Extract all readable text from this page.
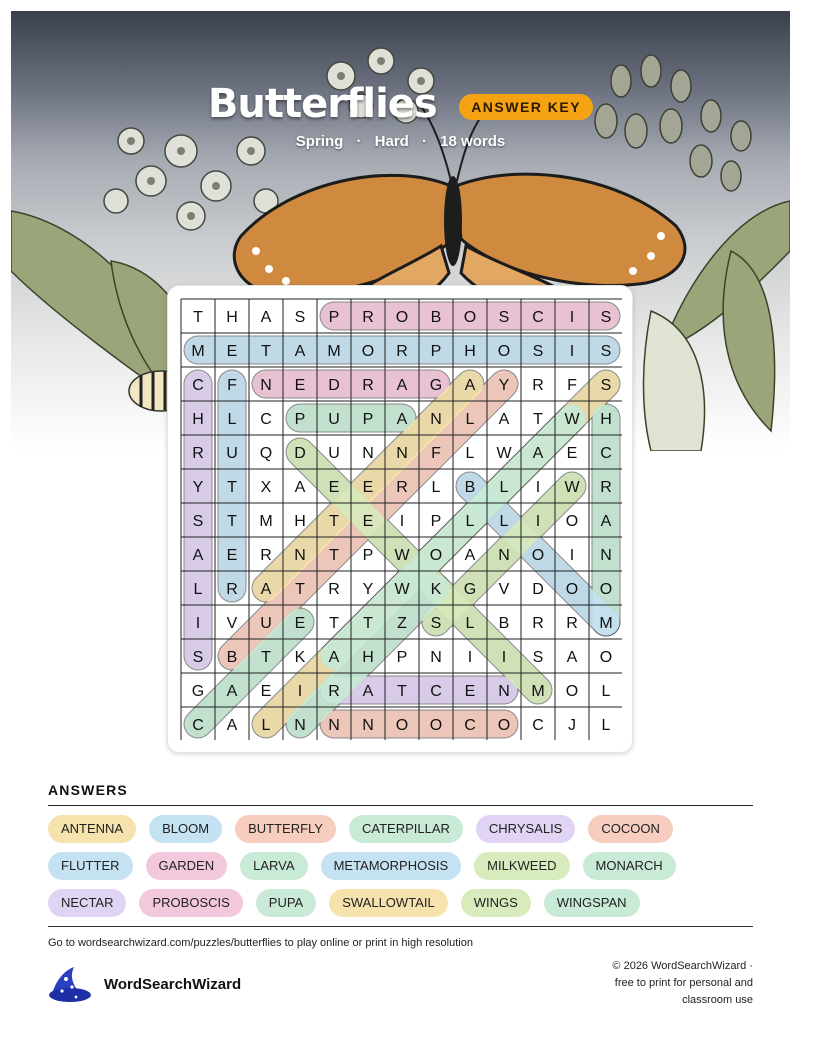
Butterflies ANSWER KEY
Spring · Hard · 18 words
T H A S P R O B O S C I S
M E T A M O R P H O S I S
C F N E D R A G A Y R F S
H L C P U P A N L A T W H
R U Q D U N N F L W A E C
Y T X A E E R L B L I W R
S T M H T E I P L L I O A
A E R N T P W O A N O I N
L R A T R Y W K G V D O O
I V U E T T Z S L B R R M
S B T K A H P N I I S A O
G A E I R A T C E N M O L
C A L N N N O O C O C J L
ANSWERS
ANTENNA	BLOOM	BUTTERFLY	CATERPILLAR	CHRYSALIS	COCOON
FLUTTER	GARDEN	LARVA	METAMORPHOSIS	MILKWEED	MONARCH
NECTAR	PROBOSCIS	PUPA	SWALLOWTAIL	WINGS	WINGSPAN
Go to wordsearchwizard.com/puzzles/butterflies to play online or print in high resolution
WordSearchWizard
© 2026 WordSearchWizard ·
free to print for personal and
classroom use
